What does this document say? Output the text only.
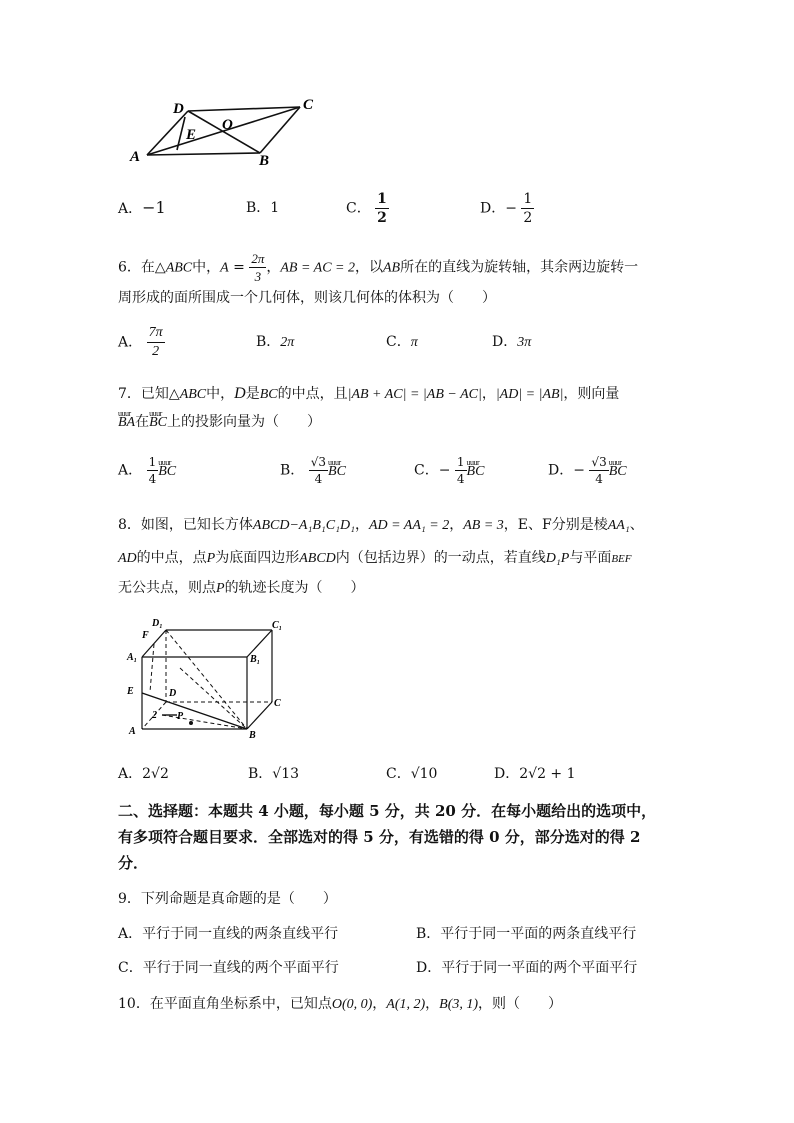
D	C
E
O
A	B
A．−1	B．1	C． $\frac{1}{2}$	D．− $\frac{1}{2}$
6．在△ABC中，$A = \frac{2\pi}{3}$ ，AB = AC = 2，以AB所在的直线为旋转轴，其余两边旋转一
周形成的面所围成一个几何体，则该几何体的体积为（　　）
A． $\frac{7\pi}{2}$	B．2π	C．π	D．3π
7．已知△ABC中，D是BC的中点，且|AB + AC| = |AB − AC|，|AD| = |AB|，则向量
uuur BA在uuur BC上的投影向量为（　　）
A． $\frac{1}{4}$ uuur BC	B． $\frac{√3}{4}$ uuur BC	C．− $\frac{1}{4}$ uuur BC	D．− $\frac{√3}{4}$ uuur BC
8．如图，已知长方体ABCD−A₁B₁C₁D₁，AD = AA₁ = 2，AB = 3，E、F分别是棱AA₁、
AD的中点，点P为底面四边形ABCD内（包括边界）的一动点，若直线D₁P与平面BEF
无公共点，则点P的轨迹长度为（　　）
D₁
F
C₁
A₁	B₁
E	D
C
2 P
A	B
A．2√2	B．√13	C．√10	D．2√2 + 1
二、选择题：本题共 4 小题，每小题 5 分，共 20 分．在每小题给出的选项中，
有多项符合题目要求．全部选对的得 5 分，有选错的得 0 分，部分选对的得 2
分．
9．下列命题是真命题的是（　　）
A．平行于同一直线的两条直线平行	B．平行于同一平面的两条直线平行
C．平行于同一直线的两个平面平行	D．平行于同一平面的两个平面平行
10．在平面直角坐标系中，已知点O(0, 0)，A(1, 2)，B(3, 1)，则（　　）
